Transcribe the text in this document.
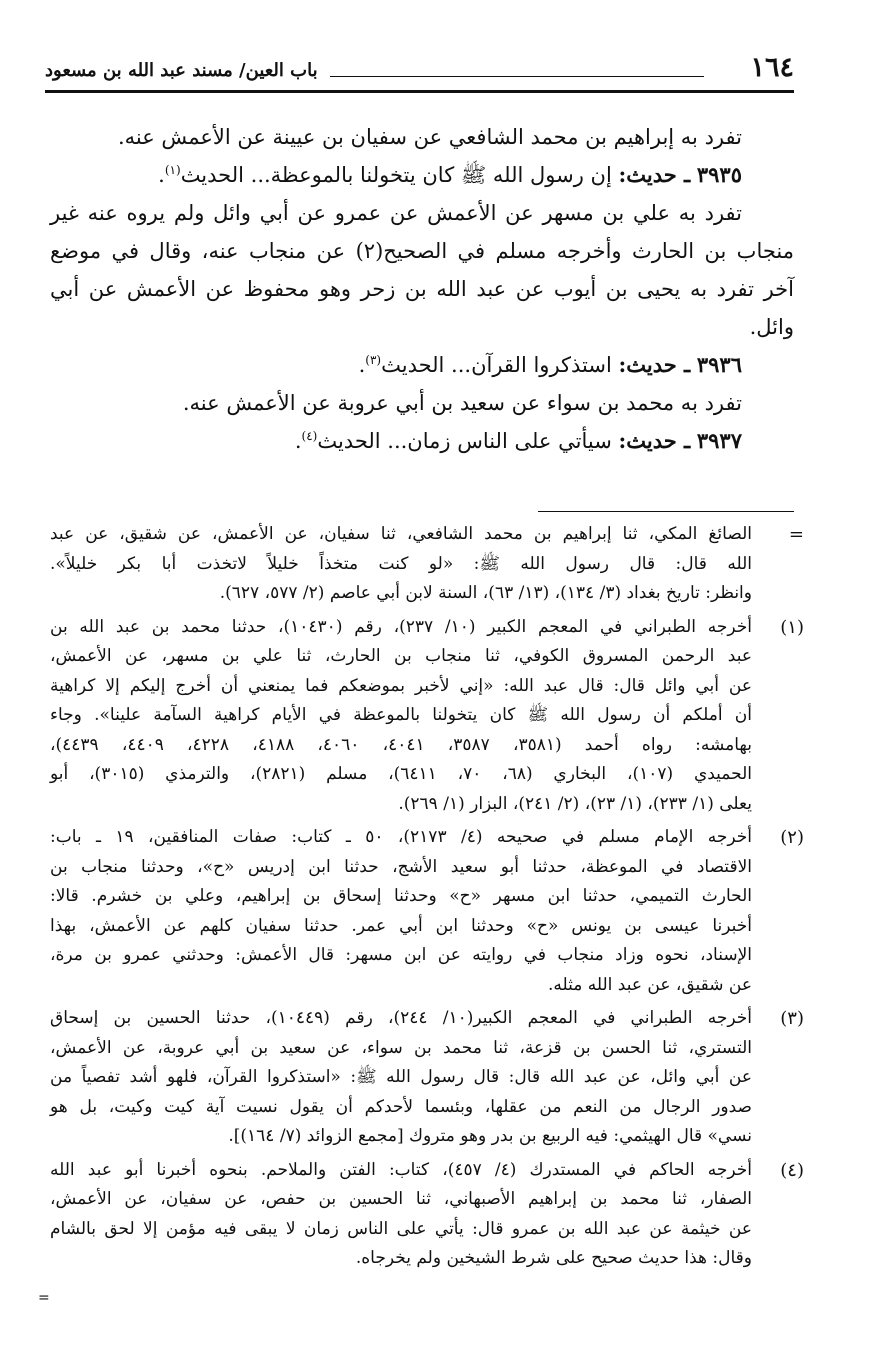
١٦٤
باب العين/ مسند عبد الله بن مسعود
تفرد به إبراهيم بن محمد الشافعي عن سفيان بن عيينة عن الأعمش عنه.
٣٩٣٥ ـ حديث: إن رسول الله ﷺ كان يتخولنا بالموعظة... الحديث$^{(١)}$.
تفرد به علي بن مسهر عن الأعمش عن عمرو عن أبي وائل ولم يروه عنه غير
منجاب بن الحارث وأخرجه مسلم في الصحيح(٢) عن منجاب عنه، وقال في موضع
آخر تفرد به يحيى بن أيوب عن عبد الله بن زحر وهو محفوظ عن الأعمش عن أبي
وائل.
٣٩٣٦ ـ حديث: استذكروا القرآن... الحديث$^{(٣)}$.
تفرد به محمد بن سواء عن سعيد بن أبي عروبة عن الأعمش عنه.
٣٩٣٧ ـ حديث: سيأتي على الناس زمان... الحديث$^{(٤)}$.
=
الصائغ المكي، ثنا إبراهيم بن محمد الشافعي، ثنا سفيان، عن الأعمش، عن شقيق، عن عبد
الله قال: قال رسول الله ﷺ: «لو كنت متخذاً خليلاً لاتخذت أبا بكر خليلاً».
وانظر: تاريخ بغداد (٣/ ١٣٤)، (١٣/ ٦٣)، السنة لابن أبي عاصم (٢/ ٥٧٧، ٦٢٧).
(١)
أخرجه الطبراني في المعجم الكبير (١٠/ ٢٣٧)، رقم (١٠٤٣٠)، حدثنا محمد بن عبد الله بن
عبد الرحمن المسروق الكوفي، ثنا منجاب بن الحارث، ثنا علي بن مسهر، عن الأعمش،
عن أبي وائل قال: قال عبد الله: «إني لأخبر بموضعكم فما يمنعني أن أخرج إليكم إلا كراهية
أن أملكم أن رسول الله ﷺ كان يتخولنا بالموعظة في الأيام كراهية السآمة علينا». وجاء
بهامشه: رواه أحمد (٣٥٨١، ٣٥٨٧، ٤٠٤١، ٤٠٦٠، ٤١٨٨، ٤٢٢٨، ٤٤٠٩، ٤٤٣٩)،
الحميدي (١٠٧)، البخاري (٦٨، ٧٠، ٦٤١١)، مسلم (٢٨٢١)، والترمذي (٣٠١٥)، أبو
يعلى (١/ ٢٣٣)، (١/ ٢٣)، (٢/ ٢٤١)، البزار (١/ ٢٦٩).
(٢)
أخرجه الإمام مسلم في صحيحه (٤/ ٢١٧٣)، ٥٠ ـ كتاب: صفات المنافقين، ١٩ ـ باب:
الاقتصاد في الموعظة، حدثنا أبو سعيد الأشج، حدثنا ابن إدريس «ح»، وحدثنا منجاب بن
الحارث التميمي، حدثنا ابن مسهر «ح» وحدثنا إسحاق بن إبراهيم، وعلي بن خشرم. قالا:
أخبرنا عيسى بن يونس «ح» وحدثنا ابن أبي عمر. حدثنا سفيان كلهم عن الأعمش، بهذا
الإسناد، نحوه وزاد منجاب في روايته عن ابن مسهر: قال الأعمش: وحدثني عمرو بن مرة،
عن شقيق، عن عبد الله مثله.
(٣)
أخرجه الطبراني في المعجم الكبير(١٠/ ٢٤٤)، رقم (١٠٤٤٩)، حدثنا الحسين بن إسحاق
التستري، ثنا الحسن بن قزعة، ثنا محمد بن سواء، عن سعيد بن أبي عروبة، عن الأعمش،
عن أبي وائل، عن عبد الله قال: قال رسول الله ﷺ: «استذكروا القرآن، فلهو أشد تفصياً من
صدور الرجال من النعم من عقلها، وبئسما لأحدكم أن يقول نسيت آية كيت وكيت، بل هو
نسي» قال الهيثمي: فيه الربيع بن بدر وهو متروك [مجمع الزوائد (٧/ ١٦٤)].
(٤)
أخرجه الحاكم في المستدرك (٤/ ٤٥٧)، كتاب: الفتن والملاحم. بنحوه أخبرنا أبو عبد الله
الصفار، ثنا محمد بن إبراهيم الأصبهاني، ثنا الحسين بن حفص، عن سفيان، عن الأعمش،
عن خيثمة عن عبد الله بن عمرو قال: يأتي على الناس زمان لا يبقى فيه مؤمن إلا لحق بالشام
وقال: هذا حديث صحيح على شرط الشيخين ولم يخرجاه.
=
